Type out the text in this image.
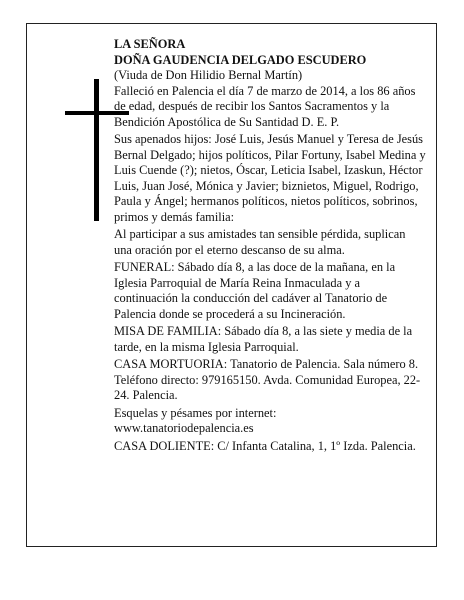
LA SEÑORA

DOÑA GAUDENCIA DELGADO ESCUDERO

(Viuda de Don Hilidio Bernal Martín)

Falleció en Palencia el día 7 de marzo de 2014, a los 86 años de edad, después de recibir los Santos Sacramentos y la Bendición Apostólica de Su Santidad D. E. P.

Sus apenados hijos: José Luis, Jesús Manuel y Teresa de Jesús Bernal Delgado; hijos políticos, Pilar Fortuny, Isabel Medina y Luis Cuende (?); nietos, Óscar, Leticia Isabel, Izaskun, Héctor Luis, Juan José, Mónica y Javier; biznietos, Miguel, Rodrigo, Paula y Ángel; hermanos políticos, nietos políticos, sobrinos, primos y demás familia:

Al participar a sus amistades tan sensible pérdida, suplican una oración por el eterno descanso de su alma.

FUNERAL: Sábado día 8, a las doce de la mañana, en la Iglesia Parroquial de María Reina Inmaculada y a continuación la conducción del cadáver al Tanatorio de Palencia donde se procederá a su Incineración.

MISA DE FAMILIA: Sábado día 8, a las siete y media de la tarde, en la misma Iglesia Parroquial.

CASA MORTUORIA: Tanatorio de Palencia. Sala número 8. Teléfono directo: 979165150. Avda. Comunidad Europea, 22-24. Palencia.

Esquelas y pésames por internet:

www.tanatoriodepalencia.es

CASA DOLIENTE: C/ Infanta Catalina, 1, 1º Izda. Palencia.
